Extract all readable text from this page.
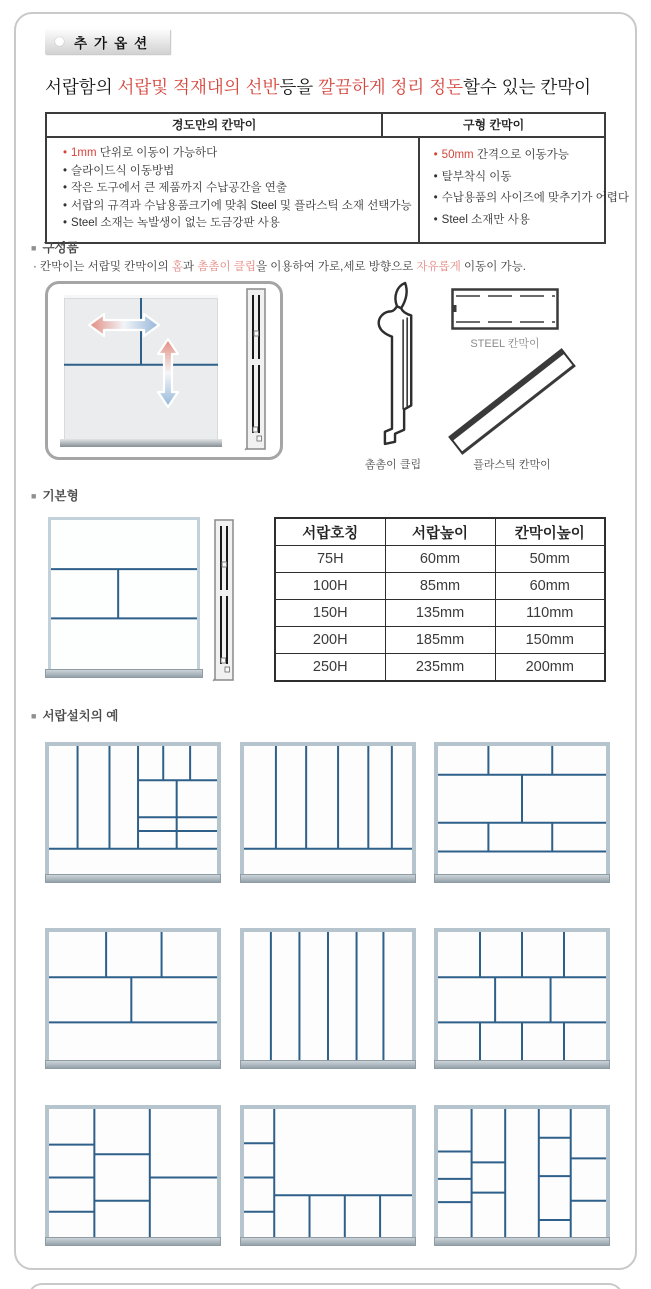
추가옵션
서랍함의 서랍및 적재대의 선반등을 깔끔하게 정리 정돈할수 있는 칸막이
경도만의 칸막이	구형 칸막이
• 1mm 단위로 이동이 가능하다
• 슬라이드식 이동방법
• 작은 도구에서 큰 제품까지 수납공간을 연출
• 서랍의 규격과 수납용품크기에 맞춰 Steel 및 플라스틱 소재 선택가능
• Steel 소재는 녹발생이 없는 도금강판 사용
• 50mm 간격으로 이동가능
• 탈부착식 이동
• 수납용품의 사이즈에 맞추기가 어렵다
• Steel 소재만 사용
■ 구성품
· 칸막이는 서랍및 칸막이의 홈과 촘촘이 클립을 이용하여 가로,세로 방향으로 자유롭게 이동이 가능.
촘촘이 클립
STEEL 칸막이
플라스틱 칸막이
■ 기본형
서랍호칭	서랍높이	칸막이높이
75H	60mm	50mm
100H	85mm	60mm
150H	135mm	110mm
200H	185mm	150mm
250H	235mm	200mm
■ 서랍설치의 예
